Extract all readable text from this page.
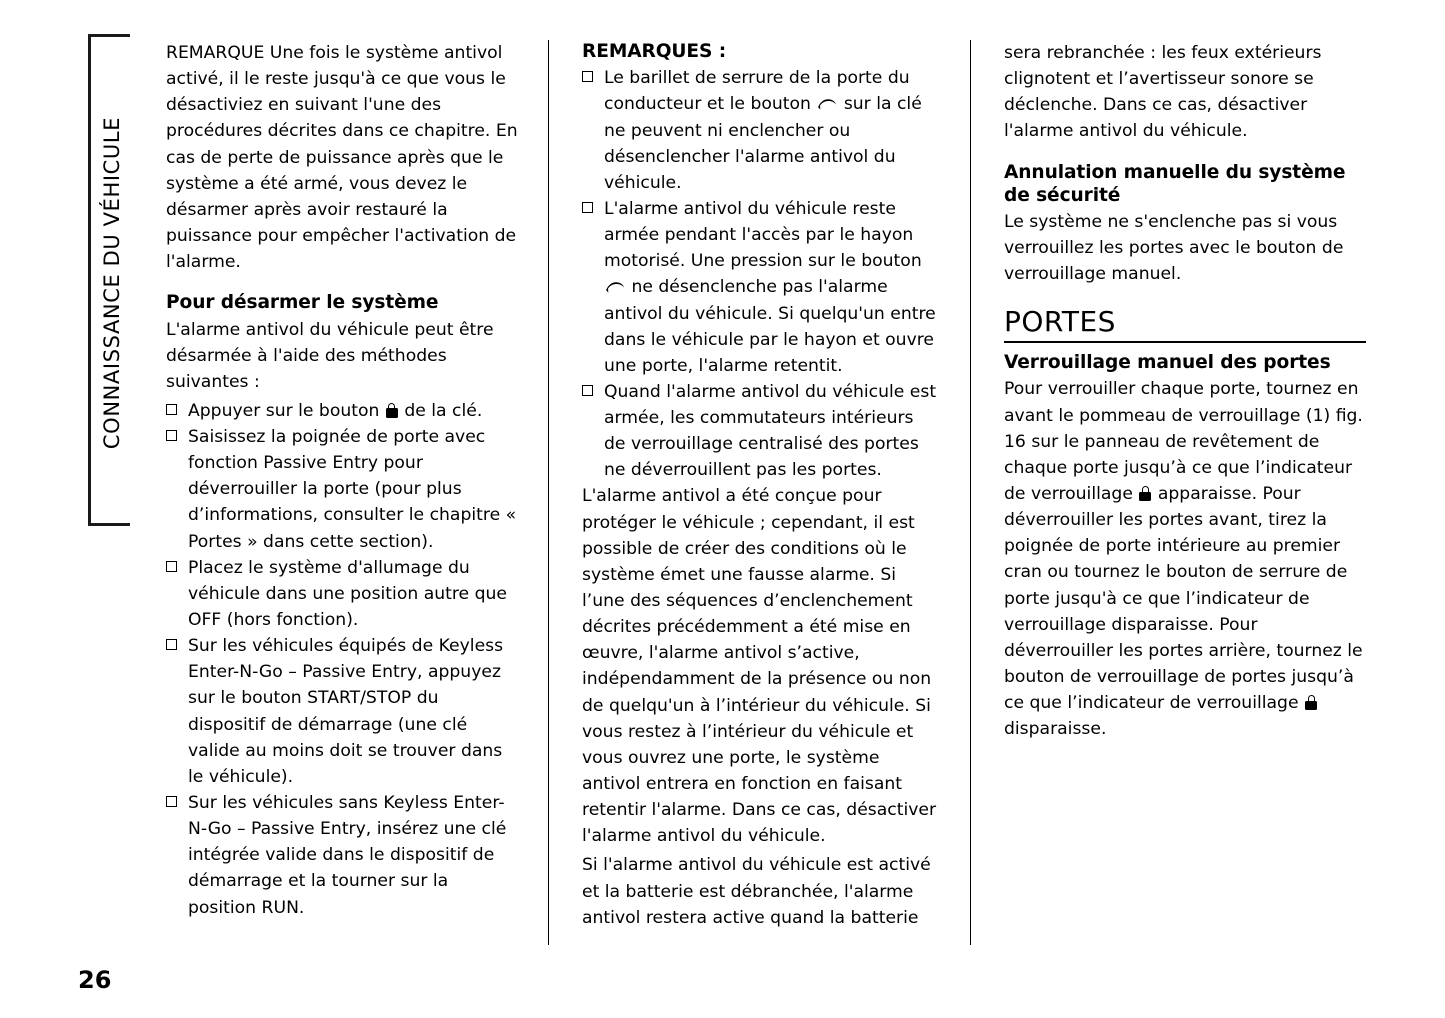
CONNAISSANCE DU VÉHICULE

REMARQUE Une fois le système antivol activé, il le reste jusqu'à ce que vous le désactiviez en suivant l'une des procédures décrites dans ce chapitre. En cas de perte de puissance après que le système a été armé, vous devez le désarmer après avoir restauré la puissance pour empêcher l'activation de l'alarme.

Pour désarmer le système

L'alarme antivol du véhicule peut être désarmée à l'aide des méthodes suivantes :

Appuyer sur le bouton
de la clé.
Saisissez la poignée de porte avec fonction Passive Entry pour déverrouiller la porte (pour plus d’informations, consulter le chapitre « Portes » dans cette section).
Placez le système d'allumage du véhicule dans une position autre que OFF (hors fonction).
Sur les véhicules équipés de Keyless Enter-N-Go – Passive Entry, appuyez sur le bouton START/STOP du dispositif de démarrage (une clé valide au moins doit se trouver dans le véhicule).
Sur les véhicules sans Keyless Enter-N-Go – Passive Entry, insérez une clé intégrée valide dans le dispositif de démarrage et la tourner sur la position RUN.
REMARQUES :
Le barillet de serrure de la porte du conducteur et le bouton
sur la clé ne peuvent ni enclencher ou désenclencher l'alarme antivol du véhicule.
L'alarme antivol du véhicule reste armée pendant l'accès par le hayon motorisé. Une pression sur le bouton
ne désenclenche pas l'alarme antivol du véhicule. Si quelqu'un entre dans le véhicule par le hayon et ouvre une porte, l'alarme retentit.
Quand l'alarme antivol du véhicule est armée, les commutateurs intérieurs de verrouillage centralisé des portes ne déverrouillent pas les portes.

L'alarme antivol a été conçue pour protéger le véhicule ; cependant, il est possible de créer des conditions où le système émet une fausse alarme. Si l’une des séquences d’enclenchement décrites précédemment a été mise en œuvre, l'alarme antivol s’active, indépendamment de la présence ou non de quelqu'un à l’intérieur du véhicule. Si vous restez à l’intérieur du véhicule et vous ouvrez une porte, le système antivol entrera en fonction en faisant retentir l'alarme. Dans ce cas, désactiver l'alarme antivol du véhicule.

Si l'alarme antivol du véhicule est activé et la batterie est débranchée, l'alarme antivol restera active quand la batterie

sera rebranchée : les feux extérieurs clignotent et l’avertisseur sonore se déclenche. Dans ce cas, désactiver l'alarme antivol du véhicule.

Annulation manuelle du système de sécurité

Le système ne s'enclenche pas si vous verrouillez les portes avec le bouton de verrouillage manuel.

PORTES
Verrouillage manuel des portes

Pour verrouiller chaque porte, tournez en avant le pommeau de verrouillage (1) fig. 16 sur le panneau de revêtement de chaque porte jusqu’à ce que l’indicateur de verrouillage
apparaisse. Pour déverrouiller les portes avant, tirez la poignée de porte intérieure au premier cran ou tournez le bouton de serrure de porte jusqu'à ce que l’indicateur de verrouillage disparaisse. Pour déverrouiller les portes arrière, tournez le bouton de verrouillage de portes jusqu’à ce que l’indicateur de verrouillage
disparaisse.

26
